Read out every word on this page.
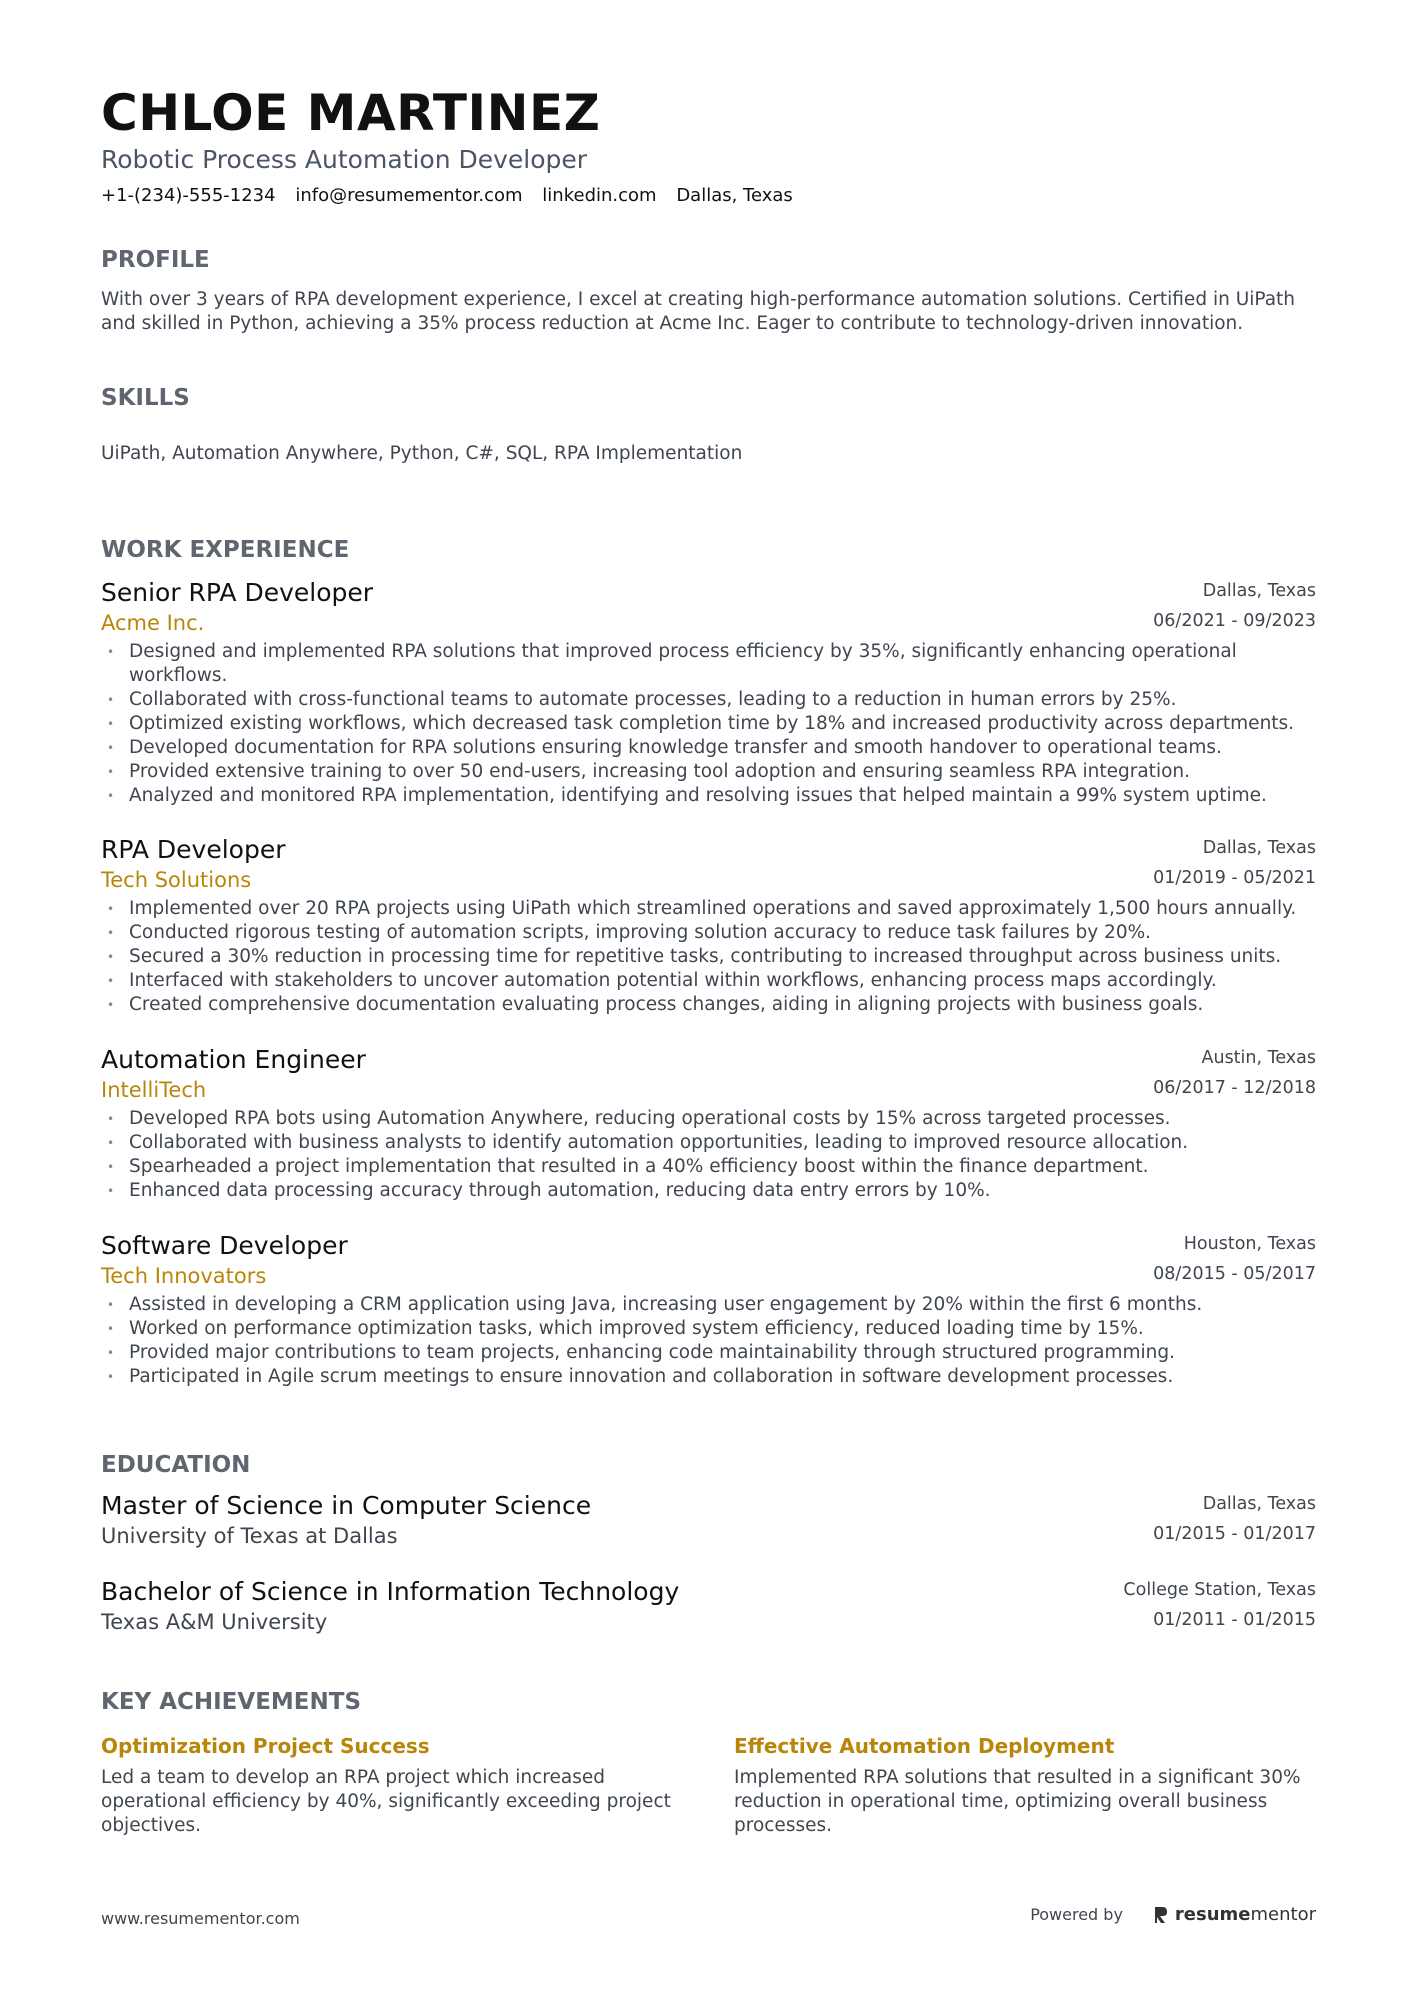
CHLOE MARTINEZ
Robotic Process Automation Developer
+1-(234)-555-1234 info@resumementor.com linkedin.com Dallas, Texas
PROFILE
With over 3 years of RPA development experience, I excel at creating high-performance automation solutions. Certified in UiPath and skilled in Python, achieving a 35% process reduction at Acme Inc. Eager to contribute to technology-driven innovation.
SKILLS
UiPath, Automation Anywhere, Python, C#, SQL, RPA Implementation
WORK EXPERIENCE
Senior RPA Developer
Acme Inc.
Dallas, Texas
06/2021 - 09/2023
• Designed and implemented RPA solutions that improved process efficiency by 35%, significantly enhancing operational workflows.
• Collaborated with cross-functional teams to automate processes, leading to a reduction in human errors by 25%.
• Optimized existing workflows, which decreased task completion time by 18% and increased productivity across departments.
• Developed documentation for RPA solutions ensuring knowledge transfer and smooth handover to operational teams.
• Provided extensive training to over 50 end-users, increasing tool adoption and ensuring seamless RPA integration.
• Analyzed and monitored RPA implementation, identifying and resolving issues that helped maintain a 99% system uptime.
RPA Developer
Tech Solutions
Dallas, Texas
01/2019 - 05/2021
• Implemented over 20 RPA projects using UiPath which streamlined operations and saved approximately 1,500 hours annually.
• Conducted rigorous testing of automation scripts, improving solution accuracy to reduce task failures by 20%.
• Secured a 30% reduction in processing time for repetitive tasks, contributing to increased throughput across business units.
• Interfaced with stakeholders to uncover automation potential within workflows, enhancing process maps accordingly.
• Created comprehensive documentation evaluating process changes, aiding in aligning projects with business goals.
Automation Engineer
IntelliTech
Austin, Texas
06/2017 - 12/2018
• Developed RPA bots using Automation Anywhere, reducing operational costs by 15% across targeted processes.
• Collaborated with business analysts to identify automation opportunities, leading to improved resource allocation.
• Spearheaded a project implementation that resulted in a 40% efficiency boost within the finance department.
• Enhanced data processing accuracy through automation, reducing data entry errors by 10%.
Software Developer
Tech Innovators
Houston, Texas
08/2015 - 05/2017
• Assisted in developing a CRM application using Java, increasing user engagement by 20% within the first 6 months.
• Worked on performance optimization tasks, which improved system efficiency, reduced loading time by 15%.
• Provided major contributions to team projects, enhancing code maintainability through structured programming.
• Participated in Agile scrum meetings to ensure innovation and collaboration in software development processes.
EDUCATION
Master of Science in Computer Science
University of Texas at Dallas
Dallas, Texas
01/2015 - 01/2017
Bachelor of Science in Information Technology
Texas A&M University
College Station, Texas
01/2011 - 01/2015
KEY ACHIEVEMENTS
Optimization Project Success
Led a team to develop an RPA project which increased operational efficiency by 40%, significantly exceeding project objectives.
Effective Automation Deployment
Implemented RPA solutions that resulted in a significant 30% reduction in operational time, optimizing overall business processes.
www.resumementor.com	Powered by	resume mentor
